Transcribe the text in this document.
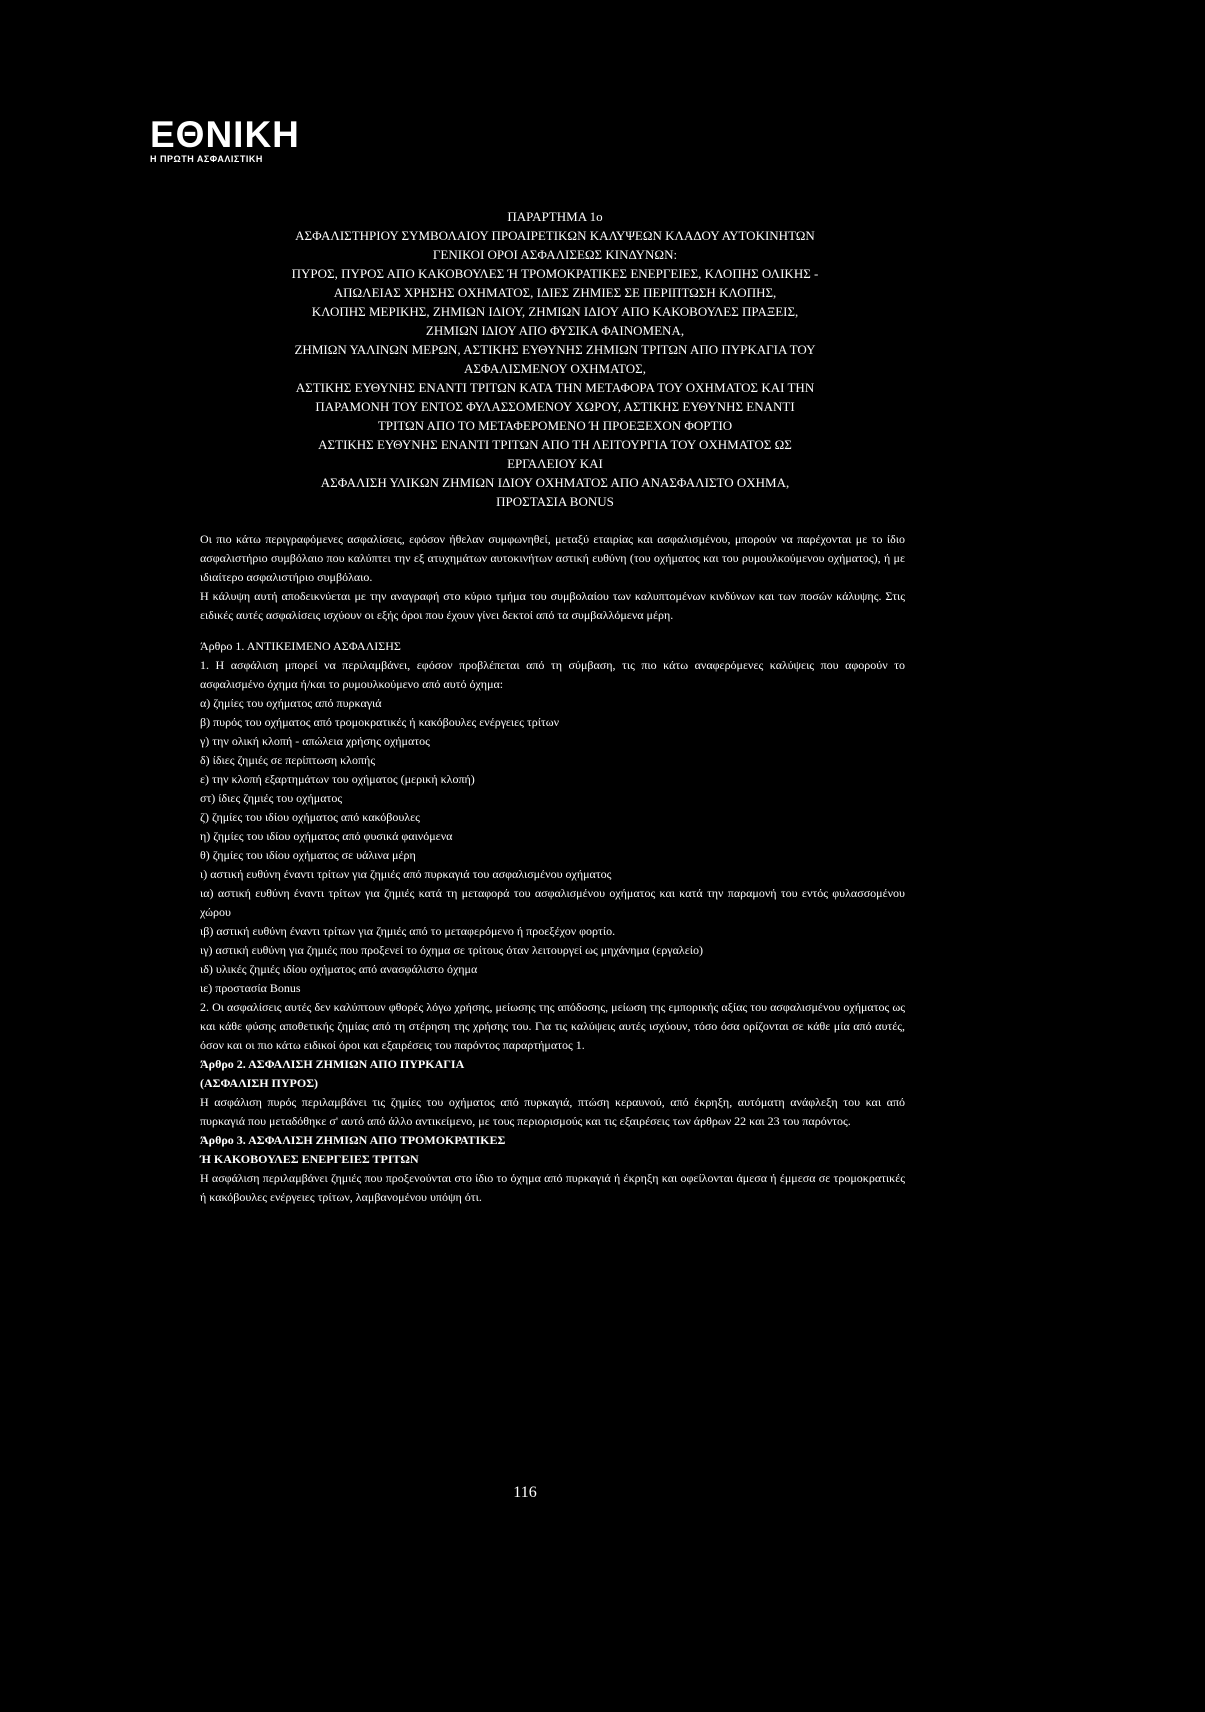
ΕΘΝΙΚΗ
Η ΠΡΩΤΗ ΑΣΦΑΛΙΣΤΙΚΗ
ΠΑΡΑΡΤΗΜΑ 1ο
ΑΣΦΑΛΙΣΤΗΡΙΟΥ ΣΥΜΒΟΛΑΙΟΥ ΠΡΟΑΙΡΕΤΙΚΩΝ ΚΑΛΥΨΕΩΝ ΚΛΑΔΟΥ ΑΥΤΟΚΙΝΗΤΩΝ
ΓΕΝΙΚΟΙ ΟΡΟΙ ΑΣΦΑΛΙΣΕΩΣ ΚΙΝΔΥΝΩΝ:
ΠΥΡΟΣ, ΠΥΡΟΣ ΑΠΟ ΚΑΚΟΒΟΥΛΕΣ Ή ΤΡΟΜΟΚΡΑΤΙΚΕΣ ΕΝΕΡΓΕΙΕΣ, ΚΛΟΠΗΣ ΟΛΙΚΗΣ -
ΑΠΩΛΕΙΑΣ ΧΡΗΣΗΣ ΟΧΗΜΑΤΟΣ, ΙΔΙΕΣ ΖΗΜΙΕΣ ΣΕ ΠΕΡΙΠΤΩΣΗ ΚΛΟΠΗΣ,
ΚΛΟΠΗΣ ΜΕΡΙΚΗΣ, ΖΗΜΙΩΝ ΙΔΙΟΥ, ΖΗΜΙΩΝ ΙΔΙΟΥ ΑΠΟ ΚΑΚΟΒΟΥΛΕΣ ΠΡΑΞΕΙΣ,
ΖΗΜΙΩΝ ΙΔΙΟΥ ΑΠΟ ΦΥΣΙΚΑ ΦΑΙΝΟΜΕΝΑ,
ΖΗΜΙΩΝ ΥΑΛΙΝΩΝ ΜΕΡΩΝ, ΑΣΤΙΚΗΣ ΕΥΘΥΝΗΣ ΖΗΜΙΩΝ ΤΡΙΤΩΝ ΑΠΟ ΠΥΡΚΑΓΙΑ ΤΟΥ
ΑΣΦΑΛΙΣΜΕΝΟΥ ΟΧΗΜΑΤΟΣ,
ΑΣΤΙΚΗΣ ΕΥΘΥΝΗΣ ΕΝΑΝΤΙ ΤΡΙΤΩΝ ΚΑΤΑ ΤΗΝ ΜΕΤΑΦΟΡΑ ΤΟΥ ΟΧΗΜΑΤΟΣ ΚΑΙ ΤΗΝ
ΠΑΡΑΜΟΝΗ ΤΟΥ ΕΝΤΟΣ ΦΥΛΑΣΣΟΜΕΝΟΥ ΧΩΡΟΥ, ΑΣΤΙΚΗΣ ΕΥΘΥΝΗΣ ΕΝΑΝΤΙ
ΤΡΙΤΩΝ ΑΠΟ ΤΟ ΜΕΤΑΦΕΡΟΜΕΝΟ Ή ΠΡΟΕΞΕΧΟΝ ΦΟΡΤΙΟ
ΑΣΤΙΚΗΣ ΕΥΘΥΝΗΣ ΕΝΑΝΤΙ ΤΡΙΤΩΝ ΑΠΟ ΤΗ ΛΕΙΤΟΥΡΓΙΑ ΤΟΥ ΟΧΗΜΑΤΟΣ ΩΣ
ΕΡΓΑΛΕΙΟΥ ΚΑΙ
ΑΣΦΑΛΙΣΗ ΥΛΙΚΩΝ ΖΗΜΙΩΝ ΙΔΙΟΥ ΟΧΗΜΑΤΟΣ ΑΠΟ ΑΝΑΣΦΑΛΙΣΤΟ ΟΧΗΜΑ,
ΠΡΟΣΤΑΣΙΑ BONUS

Οι πιο κάτω περιγραφόμενες ασφαλίσεις, εφόσον ήθελαν συμφωνηθεί, μεταξύ εταιρίας και ασφαλισμένου, μπορούν να παρέχονται με το ίδιο ασφαλιστήριο συμβόλαιο που καλύπτει την εξ ατυχημάτων αυτοκινήτων αστική ευθύνη (του οχήματος και του ρυμουλκούμενου οχήματος), ή με ιδιαίτερο ασφαλιστήριο συμβόλαιο.

Η κάλυψη αυτή αποδεικνύεται με την αναγραφή στο κύριο τμήμα του συμβολαίου των καλυπτομένων κινδύνων και των ποσών κάλυψης. Στις ειδικές αυτές ασφαλίσεις ισχύουν οι εξής όροι που έχουν γίνει δεκτοί από τα συμβαλλόμενα μέρη.

Άρθρο 1. ΑΝΤΙΚΕΙΜΕΝΟ ΑΣΦΑΛΙΣΗΣ

1. Η ασφάλιση μπορεί να περιλαμβάνει, εφόσον προβλέπεται από τη σύμβαση, τις πιο κάτω αναφερόμενες καλύψεις που αφορούν το ασφαλισμένο όχημα ή/και το ρυμουλκούμενο από αυτό όχημα:

α) ζημίες του οχήματος από πυρκαγιά

β) πυρός του οχήματος από τρομοκρατικές ή κακόβουλες ενέργειες τρίτων

γ) την ολική κλοπή - απώλεια χρήσης οχήματος

δ) ίδιες ζημιές σε περίπτωση κλοπής

ε) την κλοπή εξαρτημάτων του οχήματος (μερική κλοπή)

στ) ίδιες ζημιές του οχήματος

ζ) ζημίες του ιδίου οχήματος από κακόβουλες

η) ζημίες του ιδίου οχήματος από φυσικά φαινόμενα

θ) ζημίες του ιδίου οχήματος σε υάλινα μέρη

ι) αστική ευθύνη έναντι τρίτων για ζημιές από πυρκαγιά του ασφαλισμένου οχήματος

ια) αστική ευθύνη έναντι τρίτων για ζημιές κατά τη μεταφορά του ασφαλισμένου οχήματος και κατά την παραμονή του εντός φυλασσομένου χώρου

ιβ) αστική ευθύνη έναντι τρίτων για ζημιές από το μεταφερόμενο ή προεξέχον φορτίο.

ιγ) αστική ευθύνη για ζημιές που προξενεί το όχημα σε τρίτους όταν λειτουργεί ως μηχάνημα (εργαλείο)

ιδ) υλικές ζημιές ιδίου οχήματος από ανασφάλιστο όχημα

ιε) προστασία Bonus

2. Οι ασφαλίσεις αυτές δεν καλύπτουν φθορές λόγω χρήσης, μείωσης της απόδοσης, μείωση της εμπορικής αξίας του ασφαλισμένου οχήματος ως και κάθε φύσης αποθετικής ζημίας από τη στέρηση της χρήσης του. Για τις καλύψεις αυτές ισχύουν, τόσο όσα ορίζονται σε κάθε μία από αυτές, όσον και οι πιο κάτω ειδικοί όροι και εξαιρέσεις του παρόντος παραρτήματος 1.

Άρθρο 2. ΑΣΦΑΛΙΣΗ ΖΗΜΙΩΝ ΑΠΟ ΠΥΡΚΑΓΙΑ

(ΑΣΦΑΛΙΣΗ ΠΥΡΟΣ)

Η ασφάλιση πυρός περιλαμβάνει τις ζημίες του οχήματος από πυρκαγιά, πτώση κεραυνού, από έκρηξη, αυτόματη ανάφλεξη του και από πυρκαγιά που μεταδόθηκε σ' αυτό από άλλο αντικείμενο, με τους περιορισμούς και τις εξαιρέσεις των άρθρων 22 και 23 του παρόντος.

Άρθρο 3. ΑΣΦΑΛΙΣΗ ΖΗΜΙΩΝ ΑΠΟ ΤΡΟΜΟΚΡΑΤΙΚΕΣ

Ή ΚΑΚΟΒΟΥΛΕΣ ΕΝΕΡΓΕΙΕΣ ΤΡΙΤΩΝ

Η ασφάλιση περιλαμβάνει ζημιές που προξενούνται στο ίδιο το όχημα από πυρκαγιά ή έκρηξη και οφείλονται άμεσα ή έμμεσα σε τρομοκρατικές ή κακόβουλες ενέργειες τρίτων, λαμβανομένου υπόψη ότι.

116
